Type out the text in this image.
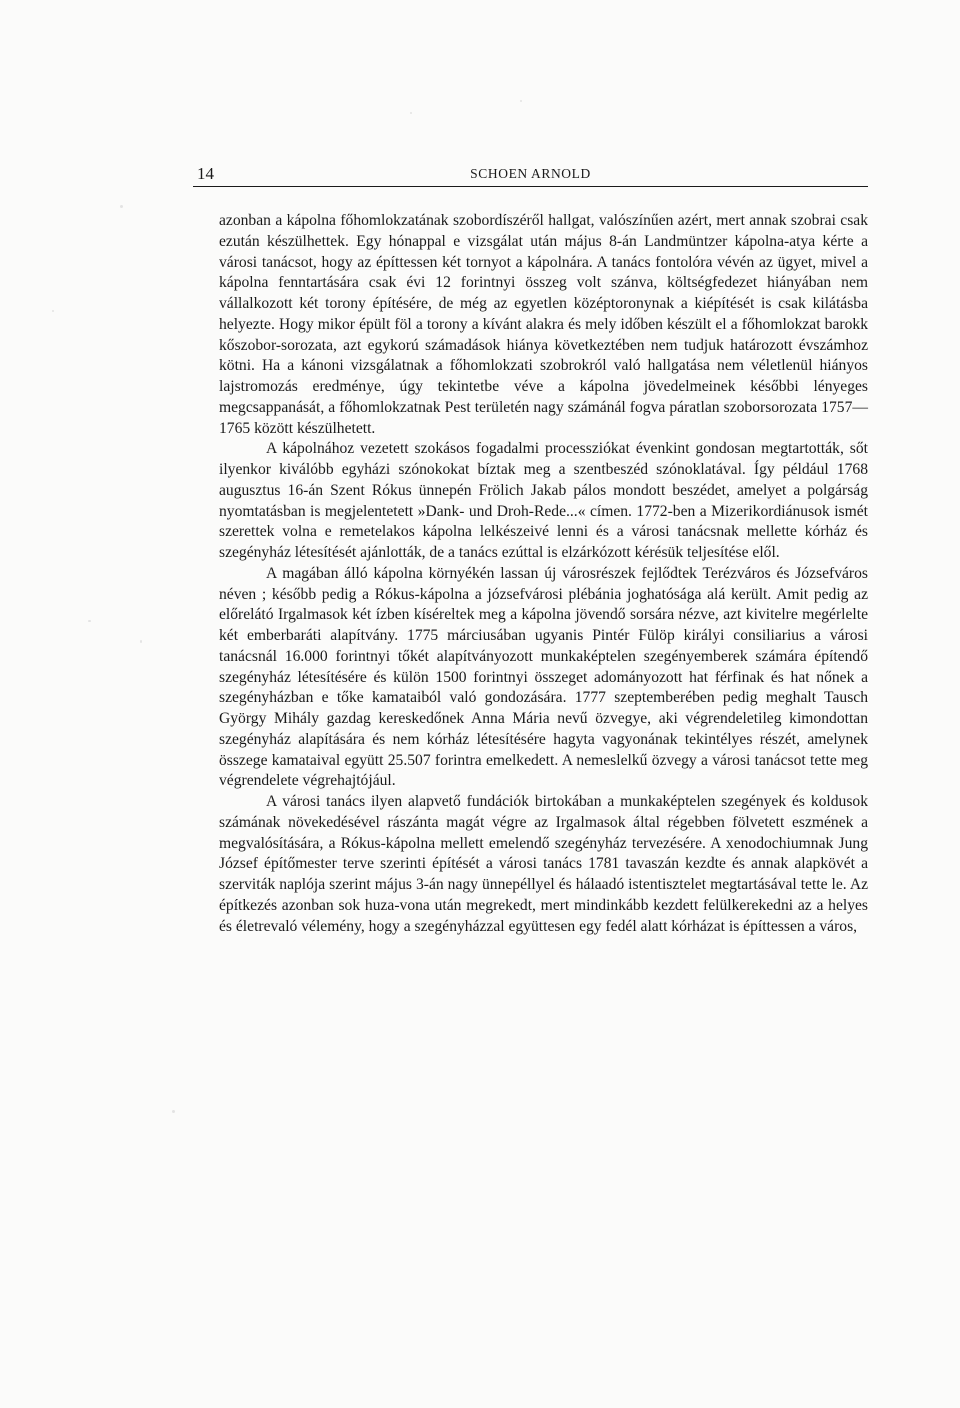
14	SCHOEN ARNOLD

azonban a kápolna főhomlokzatának szobordíszéről hallgat, valószínűen azért, mert annak szobrai csak ezután készülhettek. Egy hónappal e vizsgálat után május 8-án Landmüntzer kápolna-atya kérte a városi tanácsot, hogy az építtessen két tornyot a kápolnára. A tanács fontolóra vévén az ügyet, mivel a kápolna fenntartására csak évi 12 forintnyi összeg volt szánva, költségfedezet hiányában nem vállalkozott két torony építésére, de még az egyetlen középtoronynak a kiépítését is csak kilátásba helyezte. Hogy mikor épült föl a torony a kívánt alakra és mely időben készült el a főhomlokzat barokk kőszobor-sorozata, azt egykorú számadások hiánya következtében nem tudjuk határozott évszámhoz kötni. Ha a kánoni vizsgálatnak a főhomlokzati szobrokról való hallgatása nem véletlenül hiányos lajstromozás eredménye, úgy tekintetbe véve a kápolna jövedelmeinek későbbi lényeges megcsappanását, a főhomlokzatnak Pest területén nagy számánál fogva páratlan szoborsorozata 1757—1765 között készülhetett.

A kápolnához vezetett szokásos fogadalmi processziókat évenkint gondosan megtartották, sőt ilyenkor kiválóbb egyházi szónokokat bíztak meg a szentbeszéd szónoklatával. Így például 1768 augusztus 16-án Szent Rókus ünnepén Frölich Jakab pálos mondott beszédet, amelyet a polgárság nyomtatásban is megjelentetett »Dank- und Droh-Rede...« címen. 1772-ben a Mizerikordiánusok ismét szerettek volna e remetelakos kápolna lelkészeivé lenni és a városi tanácsnak mellette kórház és szegényház létesítését ajánlották, de a tanács ezúttal is elzárkózott kérésük teljesítése elől.

A magában álló kápolna környékén lassan új városrészek fejlődtek Terézváros és Józsefváros néven ; később pedig a Rókus-kápolna a józsefvárosi plébánia joghatósága alá került. Amit pedig az előrelátó Irgalmasok két ízben kíséreltek meg a kápolna jövendő sorsára nézve, azt kivitelre megérlelte két emberbaráti alapítvány. 1775 márciusában ugyanis Pintér Fülöp királyi consiliarius a városi tanácsnál 16.000 forintnyi tőkét alapítványozott munkaképtelen szegényemberek számára építendő szegényház létesítésére és külön 1500 forintnyi összeget adományozott hat férfinak és hat nőnek a szegényházban e tőke kamataiból való gondozására. 1777 szeptemberében pedig meghalt Tausch György Mihály gazdag kereskedőnek Anna Mária nevű özvegye, aki végrendeletileg kimondottan szegényház alapítására és nem kórház létesítésére hagyta vagyonának tekintélyes részét, amelynek összege kamataival együtt 25.507 forintra emelkedett. A nemeslelkű özvegy a városi tanácsot tette meg végrendelete végrehajtójául.

A városi tanács ilyen alapvető fundációk birtokában a munkaképtelen szegények és koldusok számának növekedésével rászánta magát végre az Irgalmasok által régebben fölvetett eszmének a megvalósítására, a Rókus-kápolna mellett emelendő szegényház tervezésére. A xenodochiumnak Jung József építőmester terve szerinti építését a városi tanács 1781 tavaszán kezdte és annak alapkövét a szerviták naplója szerint május 3-án nagy ünnepéllyel és hálaadó istentisztelet megtartásával tette le. Az építkezés azonban sok huza-vona után megrekedt, mert mindinkább kezdett felülkerekedni az a helyes és életrevaló vélemény, hogy a szegényházzal együttesen egy fedél alatt kórházat is építtessen a város,
